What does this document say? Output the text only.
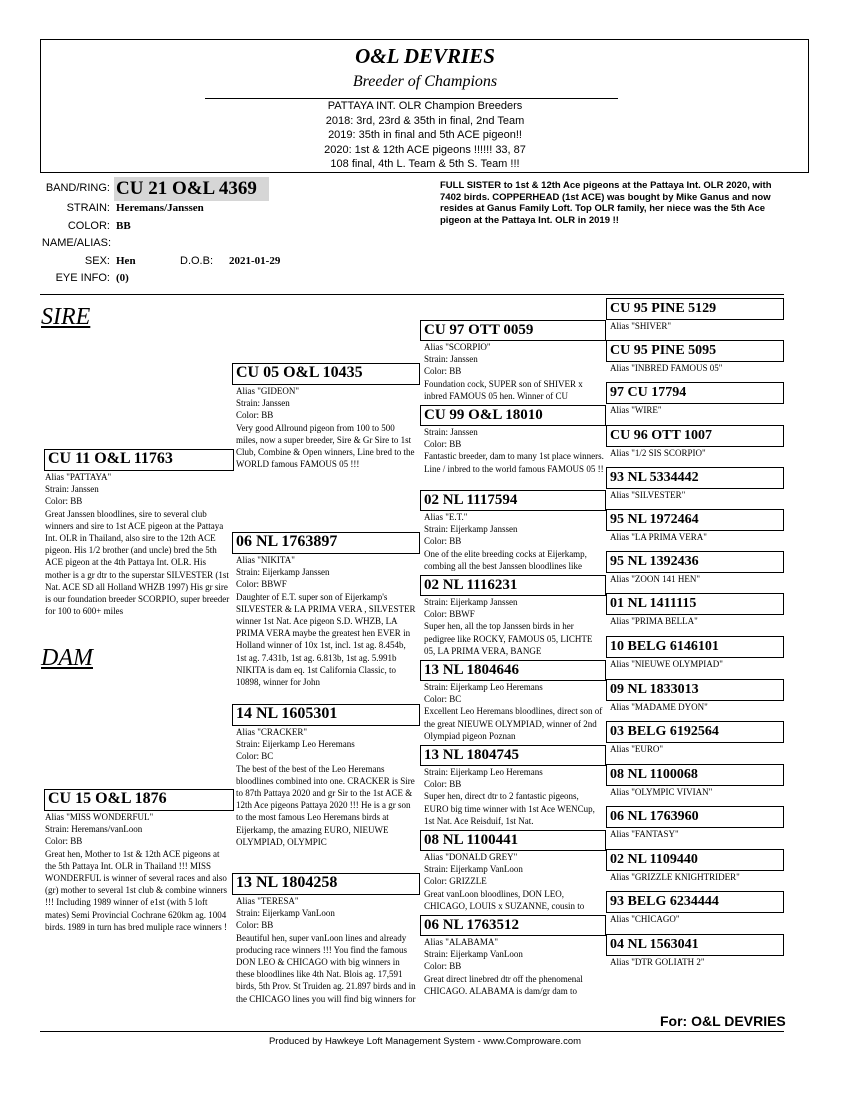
O&L DEVRIES
Breeder of Champions
PATTAYA INT. OLR Champion Breeders
2018: 3rd, 23rd & 35th in final, 2nd Team
2019: 35th in final and 5th ACE pigeon!!
2020: 1st & 12th ACE pigeons !!!!!! 33, 87
108 final, 4th L. Team & 5th S. Team !!!
BAND/RING: CU 21 O&L 4369
STRAIN: Heremans/Janssen
COLOR: BB
NAME/ALIAS:
SEX: Hen	D.O.B:	2021-01-29
EYE INFO: (0)
FULL SISTER to 1st & 12th Ace pigeons at the Pattaya Int. OLR 2020, with 7402 birds. COPPERHEAD (1st ACE) was bought by Mike Ganus and now resides at Ganus Family Loft. Top OLR family, her niece was the 5th Ace pigeon at the Pattaya Int. OLR in 2019 !!
SIRE
DAM
CU 11 O&L 11763
Alias "PATTAYA"
Strain: Janssen
Color: BB
Great Janssen bloodlines, sire to several club winners and sire to 1st ACE pigeon at the Pattaya Int. OLR in Thailand, also sire to the 12th ACE pigeon. His 1/2 brother (and uncle) bred the 5th ACE pigeon at the 4th Pattaya Int. OLR. His mother is a gr dtr to the superstar SILVESTER (1st Nat. ACE SD all Holland WHZB 1997) His gr sire is our foundation breeder SCORPIO, super breeder for 100 to 600+ miles
CU 15 O&L 1876
Alias "MISS WONDERFUL"
Strain: Heremans/vanLoon
Color: BB
Great hen, Mother to 1st & 12th ACE pigeons at the 5th Pattaya Int. OLR in Thailand !!! MISS WONDERFUL is winner of several races and also (gr) mother to several 1st club & combine winners !!! Including 1989 winner of e1st (with 5 loft mates) Semi Provincial Cochrane 620km ag. 1004 birds. 1989 in turn has bred muliple race winners !
CU 05 O&L 10435
Alias "GIDEON"
Strain: Janssen
Color: BB
Very good Allround pigeon from 100 to 500 miles, now a super breeder, Sire & Gr Sire to 1st Club, Combine & Open winners, Line bred to the WORLD famous FAMOUS 05 !!!
06 NL 1763897
Alias "NIKITA"
Strain: Eijerkamp Janssen
Color: BBWF
Daughter of E.T. super son of Eijerkamp's SILVESTER & LA PRIMA VERA , SILVESTER winner 1st Nat. Ace pigeon S.D. WHZB, LA PRIMA VERA maybe the greatest hen EVER in Holland winner of 10x 1st, incl. 1st ag. 8.454b, 1st ag. 7.431b, 1st ag. 6.813b, 1st ag. 5.991b NIKITA is dam eq. 1st California Classic, to 10898, winner for John
14 NL 1605301
Alias "CRACKER"
Strain: Eijerkamp Leo Heremans
Color: BC
The best of the best of the Leo Heremans bloodlines combined into one. CRACKER is Sire to 87th Pattaya 2020 and gr Sir to the 1st ACE & 12th Ace pigeons Pattaya 2020 !!! He is a gr son to the most famous Leo Heremans birds at Eijerkamp, the amazing EURO, NIEUWE OLYMPIAD, OLYMPIC
13 NL 1804258
Alias "TERESA"
Strain: Eijerkamp VanLoon
Color: BB
Beautiful hen, super vanLoon lines and already producing race winners !!! You find the famous DON LEO & CHICAGO with big winners in these bloodlines like 4th Nat. Blois ag. 17,591 birds, 5th Prov. St Truiden ag. 21.897 birds and in the CHICAGO lines you will find big winners for
CU 97 OTT 0059
Alias "SCORPIO"
Strain: Janssen
Color: BB
Foundation cock, SUPER son of SHIVER x inbred FAMOUS 05 hen. Winner of CU
CU 99 O&L 18010
Strain: Janssen
Color: BB
Fantastic breeder, dam to many 1st place winners. Line / inbred to the world famous FAMOUS 05 !!
02 NL 1117594
Alias "E.T."
Strain: Eijerkamp Janssen
Color: BB
One of the elite breeding cocks at Eijerkamp, combing all the best Janssen bloodlines like
02 NL 1116231
Strain: Eijerkamp Janssen
Color: BBWF
Super hen, all the top Janssen birds in her pedigree like ROCKY, FAMOUS 05, LICHTE 05, LA PRIMA VERA, BANGE
13 NL 1804646
Strain: Eijerkamp Leo Heremans
Color: BC
Excellent Leo Heremans bloodlines, direct son of the great NIEUWE OLYMPIAD, winner of 2nd Olympiad pigeon Poznan
13 NL 1804745
Strain: Eijerkamp Leo Heremans
Color: BB
Super hen, direct dtr to 2 fantastic pigeons, EURO big time winner with 1st Ace WENCup, 1st Nat. Ace Reisduif, 1st Nat.
08 NL 1100441
Alias "DONALD GREY"
Strain: Eijerkamp VanLoon
Color: GRIZZLE
Great vanLoon bloodlines, DON LEO, CHICAGO, LOUIS x SUZANNE, cousin to
06 NL 1763512
Alias "ALABAMA"
Strain: Eijerkamp VanLoon
Color: BB
Great direct linebred dtr off the phenomenal CHICAGO. ALABAMA is dam/gr dam to
CU 95 PINE 5129
Alias "SHIVER"
CU 95 PINE 5095
Alias "INBRED FAMOUS 05"
97 CU 17794
Alias "WIRE"
CU 96 OTT 1007
Alias "1/2 SIS SCORPIO"
93 NL 5334442
Alias "SILVESTER"
95 NL 1972464
Alias "LA PRIMA VERA"
95 NL 1392436
Alias "ZOON 141 HEN"
01 NL 1411115
Alias "PRIMA BELLA"
10 BELG 6146101
Alias "NIEUWE OLYMPIAD"
09 NL 1833013
Alias "MADAME DYON"
03 BELG 6192564
Alias "EURO"
08 NL 1100068
Alias "OLYMPIC VIVIAN"
06 NL 1763960
Alias "FANTASY"
02 NL 1109440
Alias "GRIZZLE KNIGHTRIDER"
93 BELG 6234444
Alias "CHICAGO"
04 NL 1563041
Alias "DTR GOLIATH 2"
For: O&L DEVRIES
Produced by Hawkeye Loft Management System - www.Comproware.com
